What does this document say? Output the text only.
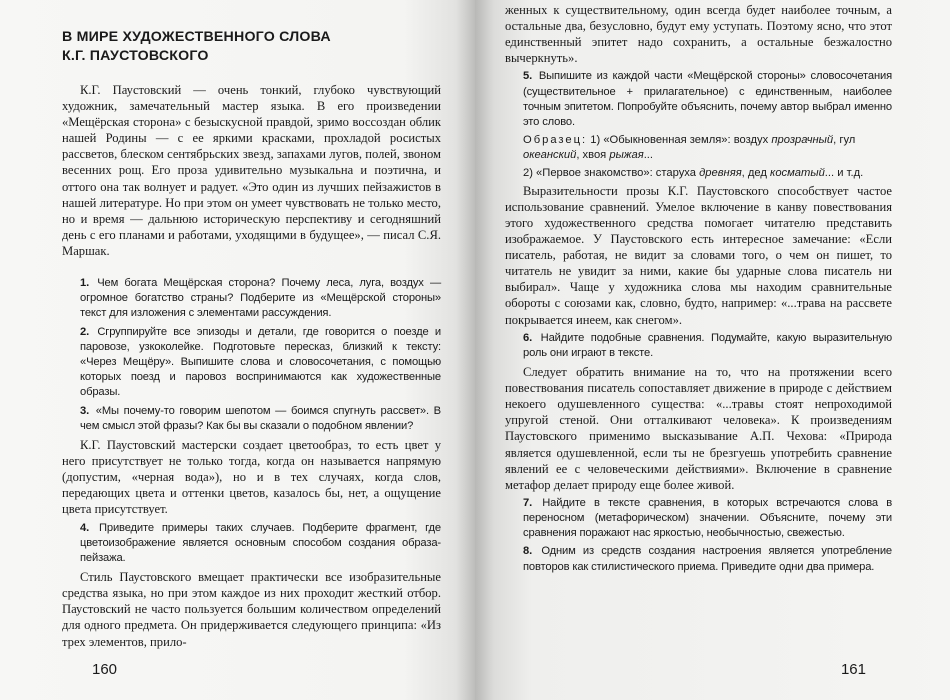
В МИРЕ ХУДОЖЕСТВЕННОГО СЛОВА
К.Г. ПАУСТОВСКОГО

К.Г. Паустовский — очень тонкий, глубоко чувствующий художник, замечательный мастер языка. В его произведении «Мещёрская сторона» с безыскусной правдой, зримо воссоздан облик нашей Родины — с ее яркими красками, прохладой росистых рассветов, блеском сентябрьских звезд, запахами лугов, полей, звоном весенних рощ. Его проза удивительно музыкальна и поэтична, и оттого она так волнует и радует. «Это один из лучших пейзажистов в нашей литературе. Но при этом он умеет чувствовать не только место, но и время — дальнюю историческую перспективу и сегодняшний день с его планами и работами, уходящими в будущее», — писал С.Я. Маршак.

1. Чем богата Мещёрская сторона? Почему леса, луга, воздух — огромное богатство страны? Подберите из «Мещёрской стороны» текст для изложения с элементами рассуждения.

2. Сгруппируйте все эпизоды и детали, где говорится о поезде и паровозе, узкоколейке. Подготовьте пересказ, близкий к тексту: «Через Мещёру». Выпишите слова и словосочетания, с помощью которых поезд и паровоз воспринимаются как художественные образы.

3. «Мы почему-то говорим шепотом — боимся спугнуть рассвет». В чем смысл этой фразы? Как бы вы сказали о подобном явлении?

К.Г. Паустовский мастерски создает цветообраз, то есть цвет у него присутствует не только тогда, когда он называется напрямую (допустим, «черная вода»), но и в тех случаях, когда слов, передающих цвета и оттенки цветов, казалось бы, нет, а ощущение цвета присутствует.

4. Приведите примеры таких случаев. Подберите фрагмент, где цветоизображение является основным способом создания образа-пейзажа.

Стиль Паустовского вмещает практически все изобразительные средства языка, но при этом каждое из них проходит жесткий отбор. Паустовский не часто пользуется большим количеством определений для одного предмета. Он придерживается следующего принципа: «Из трех элементов, прило-

160

женных к существительному, один всегда будет наиболее точным, а остальные два, безусловно, будут ему уступать. Поэтому ясно, что этот единственный эпитет надо сохранить, а остальные безжалостно вычеркнуть».

5. Выпишите из каждой части «Мещёрской стороны» словосочетания (существительное + прилагательное) с единственным, наиболее точным эпитетом. Попробуйте объяснить, почему автор выбрал именно это слово.

Образец: 1) «Обыкновенная земля»: воздух прозрачный, гул океанский, хвоя рыжая...
2) «Первое знакомство»: старуха древняя, дед косматый... и т.д.

Выразительности прозы К.Г. Паустовского способствует частое использование сравнений. Умелое включение в канву повествования этого художественного средства помогает читателю представить изображаемое. У Паустовского есть интересное замечание: «Если писатель, работая, не видит за словами того, о чем он пишет, то читатель не увидит за ними, какие бы ударные слова писатель ни выбирал». Чаще у художника слова мы находим сравнительные обороты с союзами как, словно, будто, например: «...трава на рассвете покрывается инеем, как снегом».

6. Найдите подобные сравнения. Подумайте, какую выразительную роль они играют в тексте.

Следует обратить внимание на то, что на протяжении всего повествования писатель сопоставляет движение в природе с действием некоего одушевленного существа: «...травы стоят непроходимой упругой стеной. Они отталкивают человека». К произведениям Паустовского применимо высказывание А.П. Чехова: «Природа является одушевленной, если ты не брезгуешь употребить сравнение явлений ее с человеческими действиями». Включение в сравнение метафор делает природу еще более живой.

7. Найдите в тексте сравнения, в которых встречаются слова в переносном (метафорическом) значении. Объясните, почему эти сравнения поражают нас яркостью, необычностью, свежестью.

8. Одним из средств создания настроения является употребление повторов как стилистического приема. Приведите одни два примера.

161
